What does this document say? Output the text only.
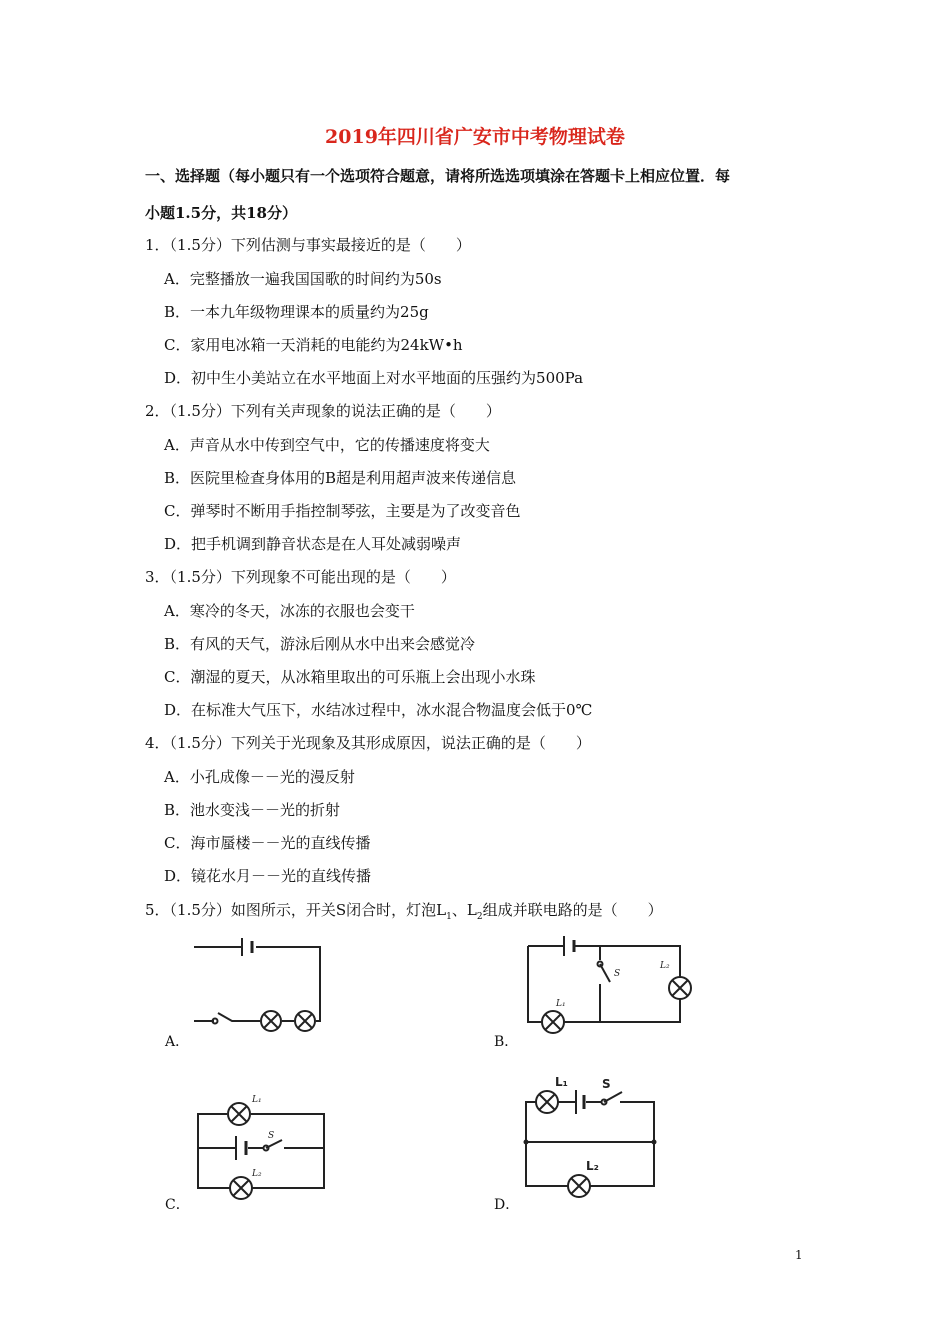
2019年四川省广安市中考物理试卷
一、选择题（每小题只有一个选项符合题意，请将所选选项填涂在答题卡上相应位置．每
小题1.5分，共18分）
1．（1.5分）下列估测与事实最接近的是（　　）
A．完整播放一遍我国国歌的时间约为50s
B．一本九年级物理课本的质量约为25g
C．家用电冰箱一天消耗的电能约为24kW•h
D．初中生小美站立在水平地面上对水平地面的压强约为500Pa
2．（1.5分）下列有关声现象的说法正确的是（　　）
A．声音从水中传到空气中，它的传播速度将变大
B．医院里检查身体用的B超是利用超声波来传递信息
C．弹琴时不断用手指控制琴弦，主要是为了改变音色
D．把手机调到静音状态是在人耳处减弱噪声
3．（1.5分）下列现象不可能出现的是（　　）
A．寒冷的冬天，冰冻的衣服也会变干
B．有风的天气，游泳后刚从水中出来会感觉冷
C．潮湿的夏天，从冰箱里取出的可乐瓶上会出现小水珠
D．在标准大气压下，水结冰过程中，冰水混合物温度会低于0℃
4．（1.5分）下列关于光现象及其形成原因，说法正确的是（　　）
A．小孔成像－－光的漫反射
B．池水变浅－－光的折射
C．海市蜃楼－－光的直线传播
D．镜花水月－－光的直线传播
5．（1.5分）如图所示，开关S闭合时，灯泡$L_1$、$L_2$组成并联电路的是（　　）
A．
S
L₁
L₂
B．
S
L₁
L₂
C．
S
L₁
L₂
D．
1
